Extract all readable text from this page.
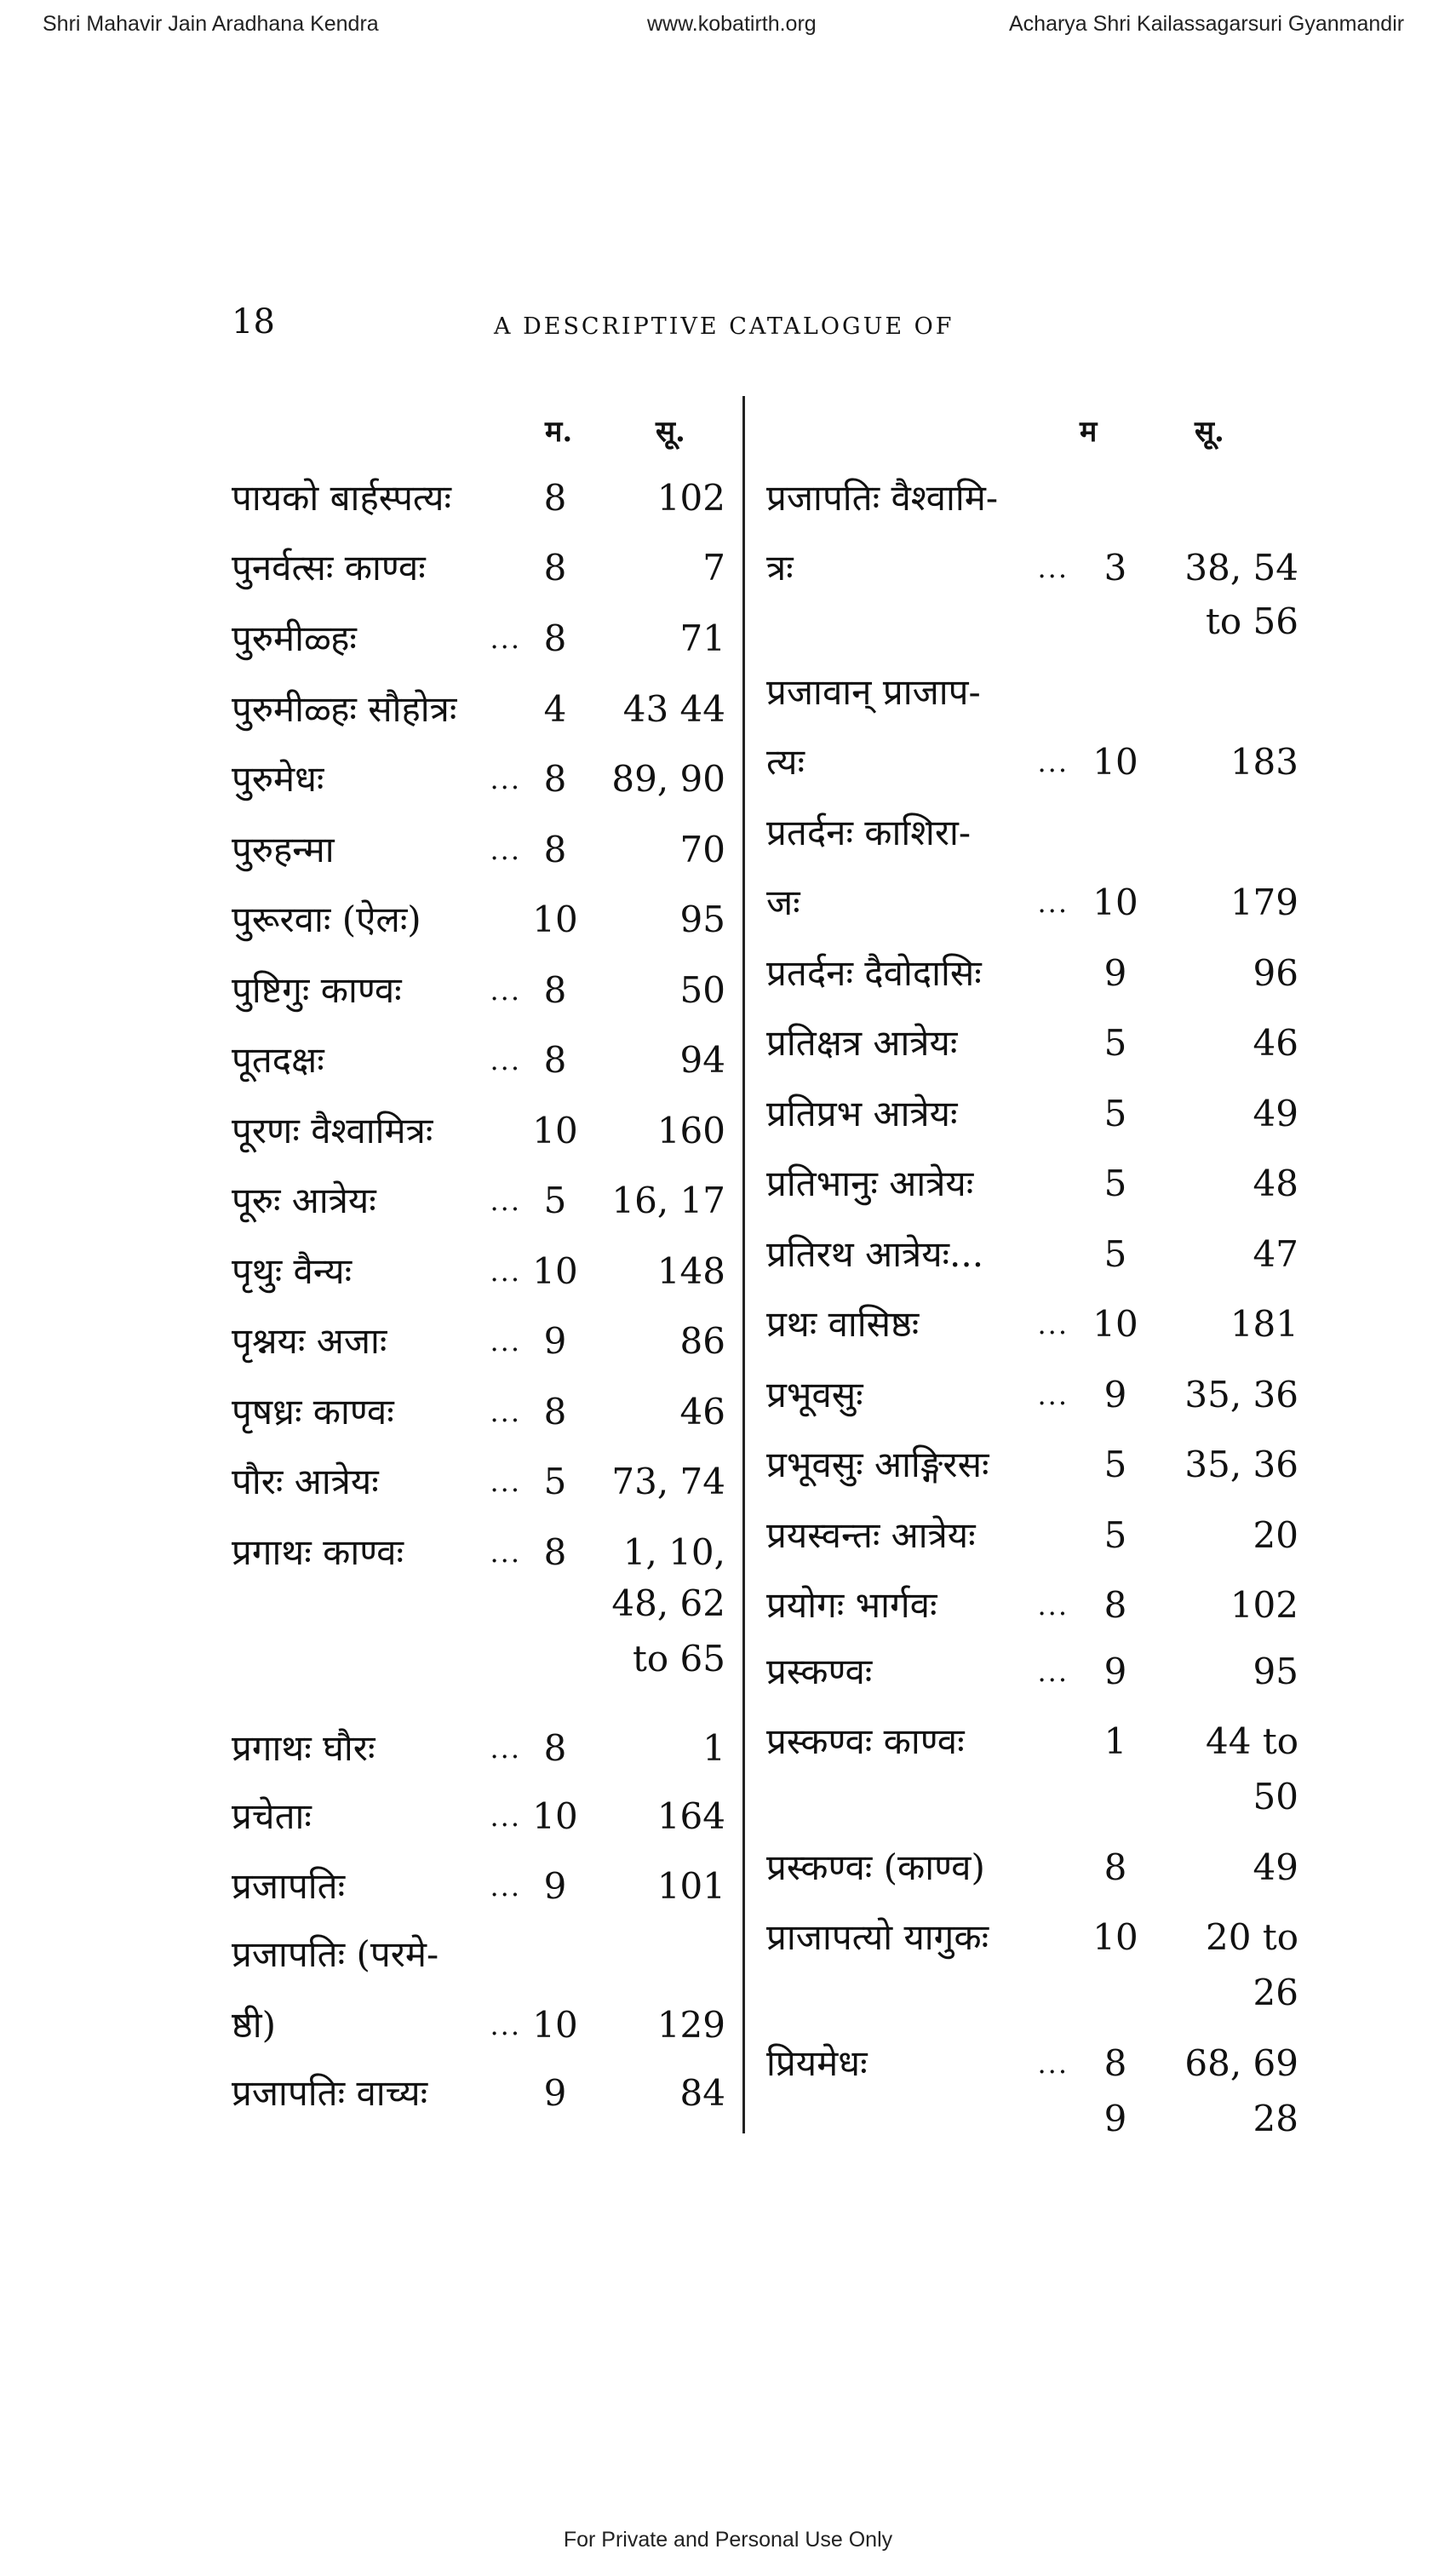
Shri Mahavir Jain Aradhana Kendra	www.kobatirth.org	Acharya Shri Kailassagarsuri Gyanmandir
18	A DESCRIPTIVE CATALOGUE OF
म.	सू.	म	सू.
पायको बार्हस्पत्यः	8	102
पुनर्वत्सः काण्वः	8	7
पुरुमीळ्हः	... 8	71
पुरुमीळ्हः सौहोत्रः	4	43 44
पुरुमेधः	... 8	89, 90
पुरुहन्मा	... 8	70
पुरूरवाः (ऐलः)	10	95
पुष्टिगुः काण्वः	... 8	50
पूतदक्षः	... 8	94
पूरणः वैश्वामित्रः	10	160
पूरुः आत्रेयः	... 5	16, 17
पृथुः वैन्यः	... 10	148
पृश्नयः अजाः	... 9	86
पृषध्रः काण्वः	... 8	46
पौरः आत्रेयः	... 5	73, 74
प्रगाथः काण्वः	... 8	1, 10,
48, 62
to 65
प्रगाथः घौरः	... 8	1
प्रचेताः	... 10	164
प्रजापतिः	... 9	101
प्रजापतिः (परमे-
ष्ठी)	... 10	129
प्रजापतिः वाच्यः	9	84
प्रजापतिः वैश्वामि-
त्रः	... 3	38, 54
to 56
प्रजावान् प्राजाप-
त्यः	... 10	183
प्रतर्दनः काशिरा-
जः	... 10	179
प्रतर्दनः दैवोदासिः	9	96
प्रतिक्षत्र आत्रेयः	5	46
प्रतिप्रभ आत्रेयः	5	49
प्रतिभानुः आत्रेयः	5	48
प्रतिरथ आत्रेयः...	5	47
प्रथः वासिष्ठः	... 10	181
प्रभूवसुः	... 9	35, 36
प्रभूवसुः आङ्गिरसः	5	35, 36
प्रयस्वन्तः आत्रेयः	5	20
प्रयोगः भार्गवः	... 8	102
प्रस्कण्वः	... 9	95
प्रस्कण्वः काण्वः	1	44 to
50
प्रस्कण्वः (काण्व)	8	49
प्राजापत्यो यागुकः	10	20 to
26
प्रियमेधः	... 8	68, 69
9	28
For Private and Personal Use Only
